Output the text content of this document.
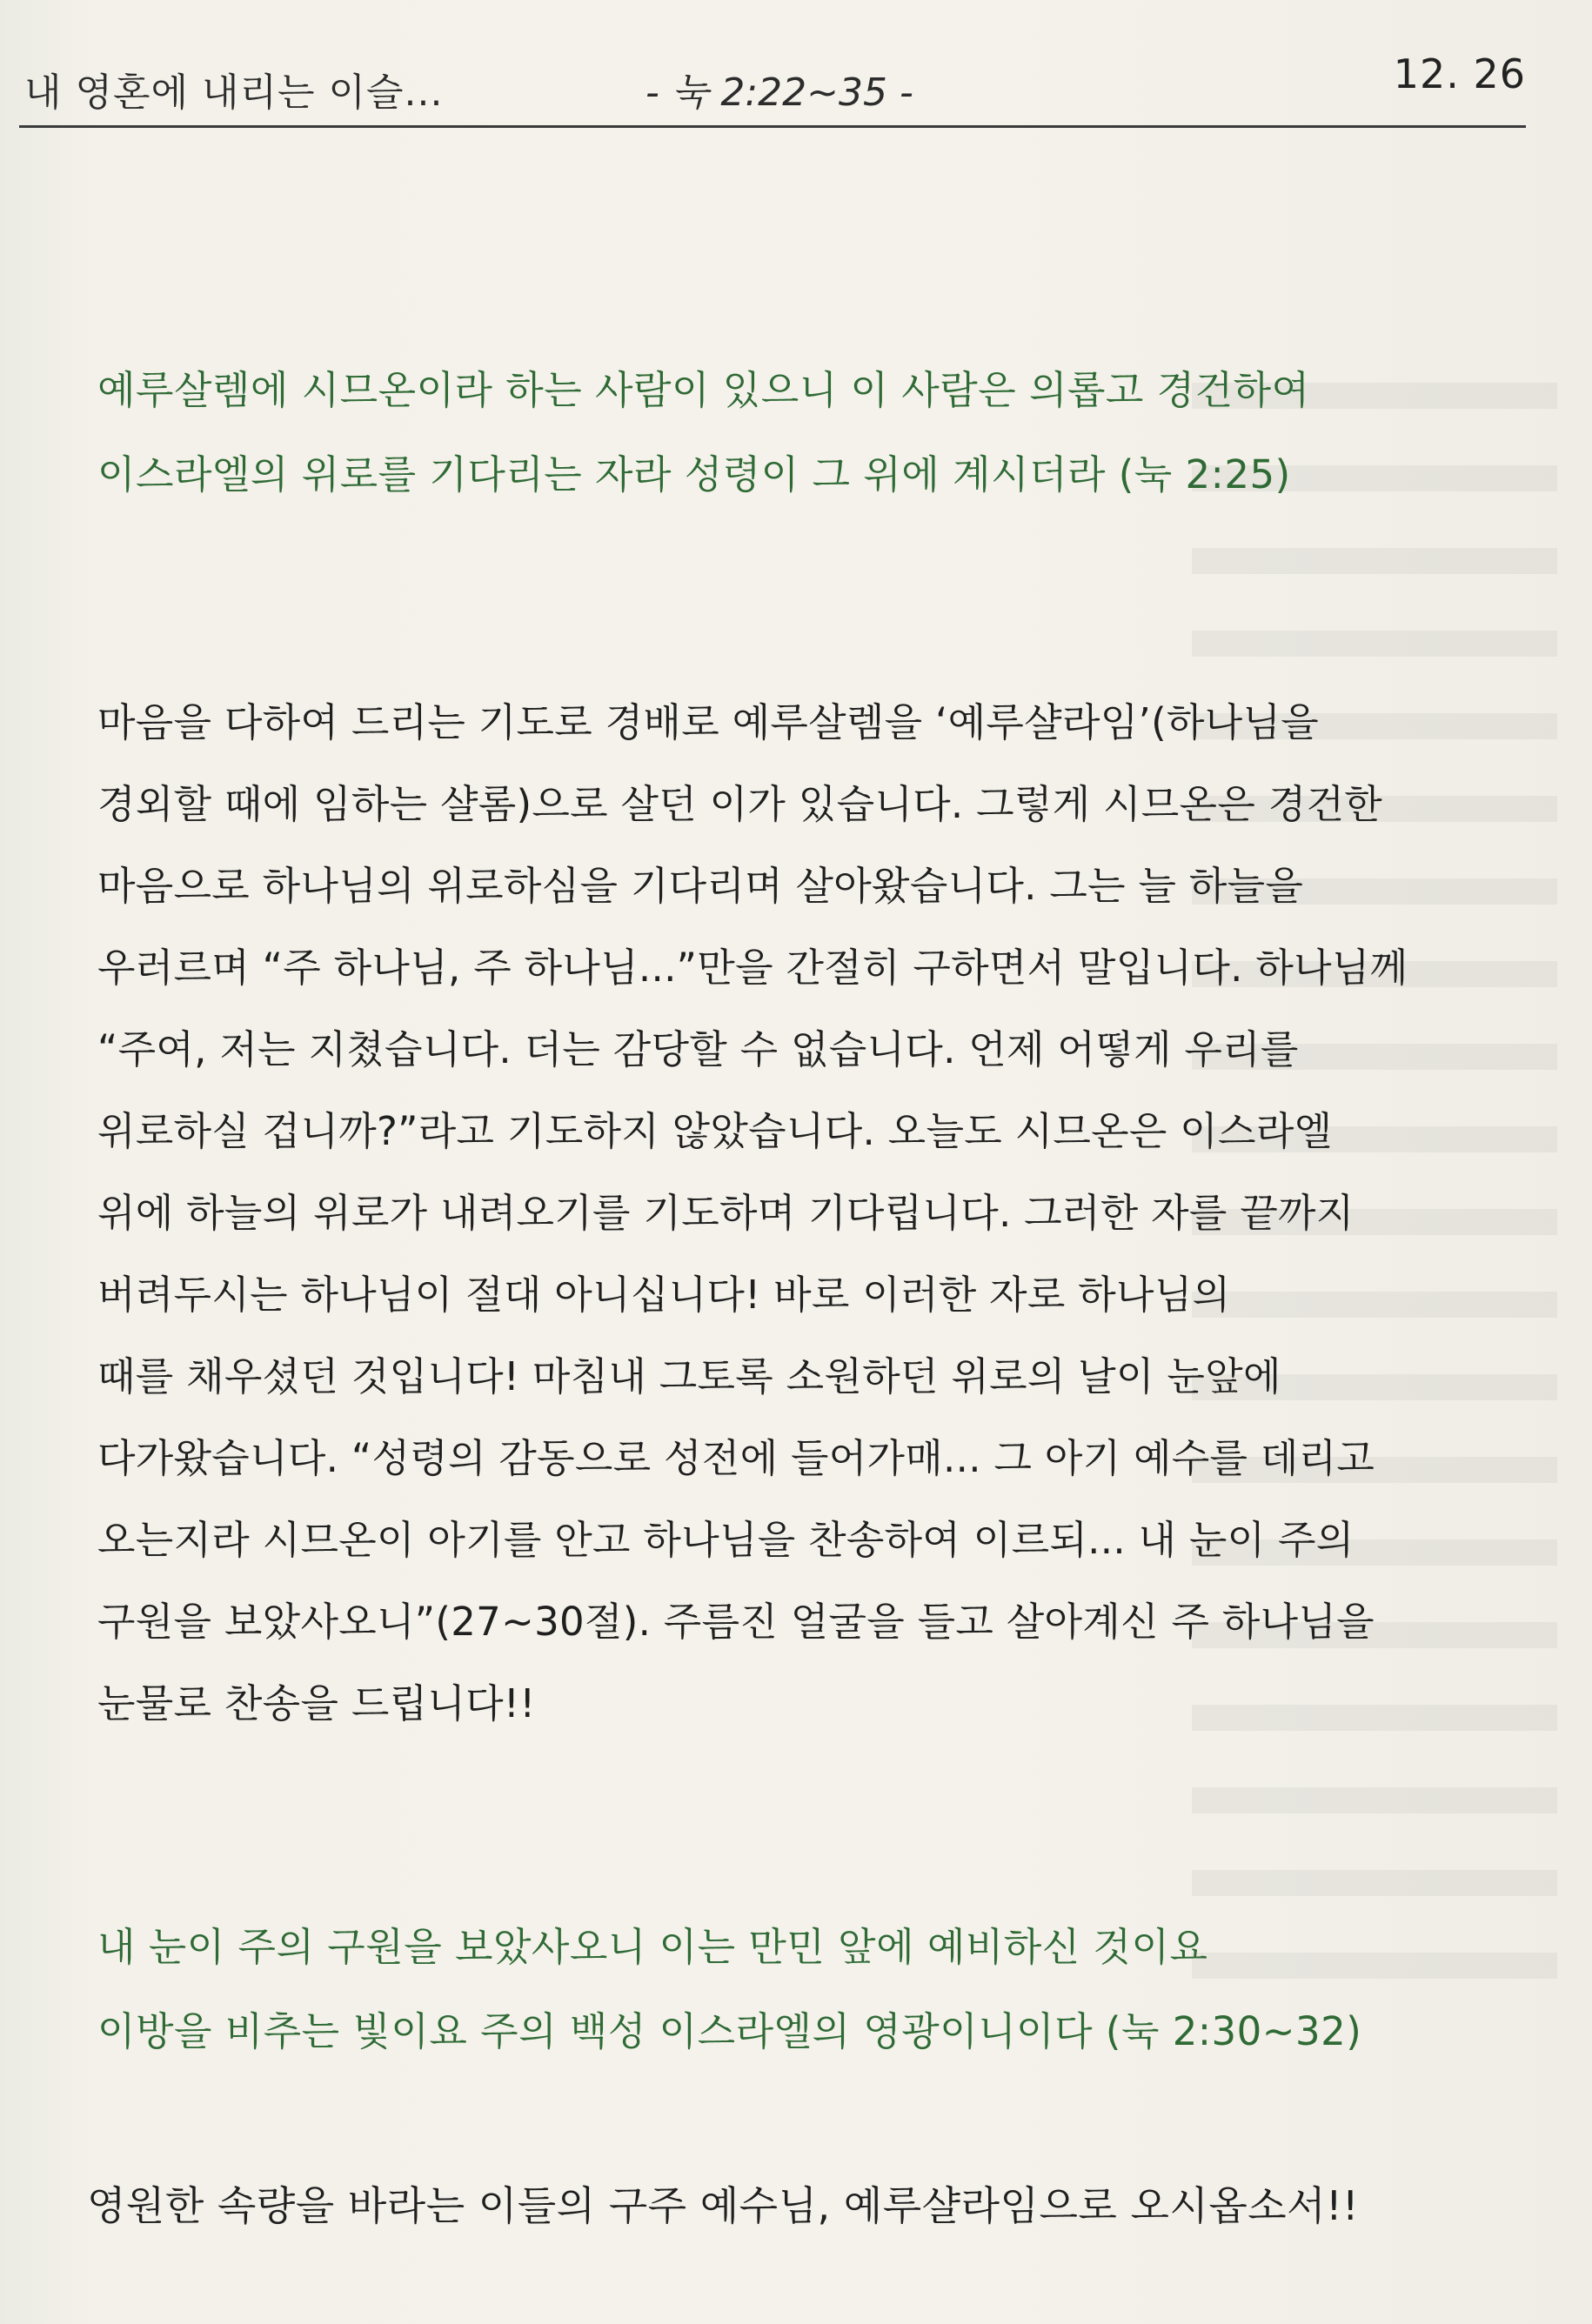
내 영혼에 내리는 이슬...	- 눅 2:22~35 -	12. 26
예루살렘에 시므온이라 하는 사람이 있으니 이 사람은 의롭고 경건하여
이스라엘의 위로를 기다리는 자라 성령이 그 위에 계시더라 (눅 2:25)
마음을 다하여 드리는 기도로 경배로 예루살렘을 ‘예루샬라임’(하나님을
경외할 때에 임하는 샬롬)으로 살던 이가 있습니다. 그렇게 시므온은 경건한
마음으로 하나님의 위로하심을 기다리며 살아왔습니다. 그는 늘 하늘을
우러르며 “주 하나님, 주 하나님...”만을 간절히 구하면서 말입니다. 하나님께
“주여, 저는 지쳤습니다. 더는 감당할 수 없습니다. 언제 어떻게 우리를
위로하실 겁니까?”라고 기도하지 않았습니다. 오늘도 시므온은 이스라엘
위에 하늘의 위로가 내려오기를 기도하며 기다립니다. 그러한 자를 끝까지
버려두시는 하나님이 절대 아니십니다! 바로 이러한 자로 하나님의
때를 채우셨던 것입니다! 마침내 그토록 소원하던 위로의 날이 눈앞에
다가왔습니다. “성령의 감동으로 성전에 들어가매... 그 아기 예수를 데리고
오는지라 시므온이 아기를 안고 하나님을 찬송하여 이르되... 내 눈이 주의
구원을 보았사오니”(27~30절). 주름진 얼굴을 들고 살아계신 주 하나님을
눈물로 찬송을 드립니다!!
내 눈이 주의 구원을 보았사오니 이는 만민 앞에 예비하신 것이요
이방을 비추는 빛이요 주의 백성 이스라엘의 영광이니이다 (눅 2:30~32)
영원한 속량을 바라는 이들의 구주 예수님, 예루샬라임으로 오시옵소서!!
